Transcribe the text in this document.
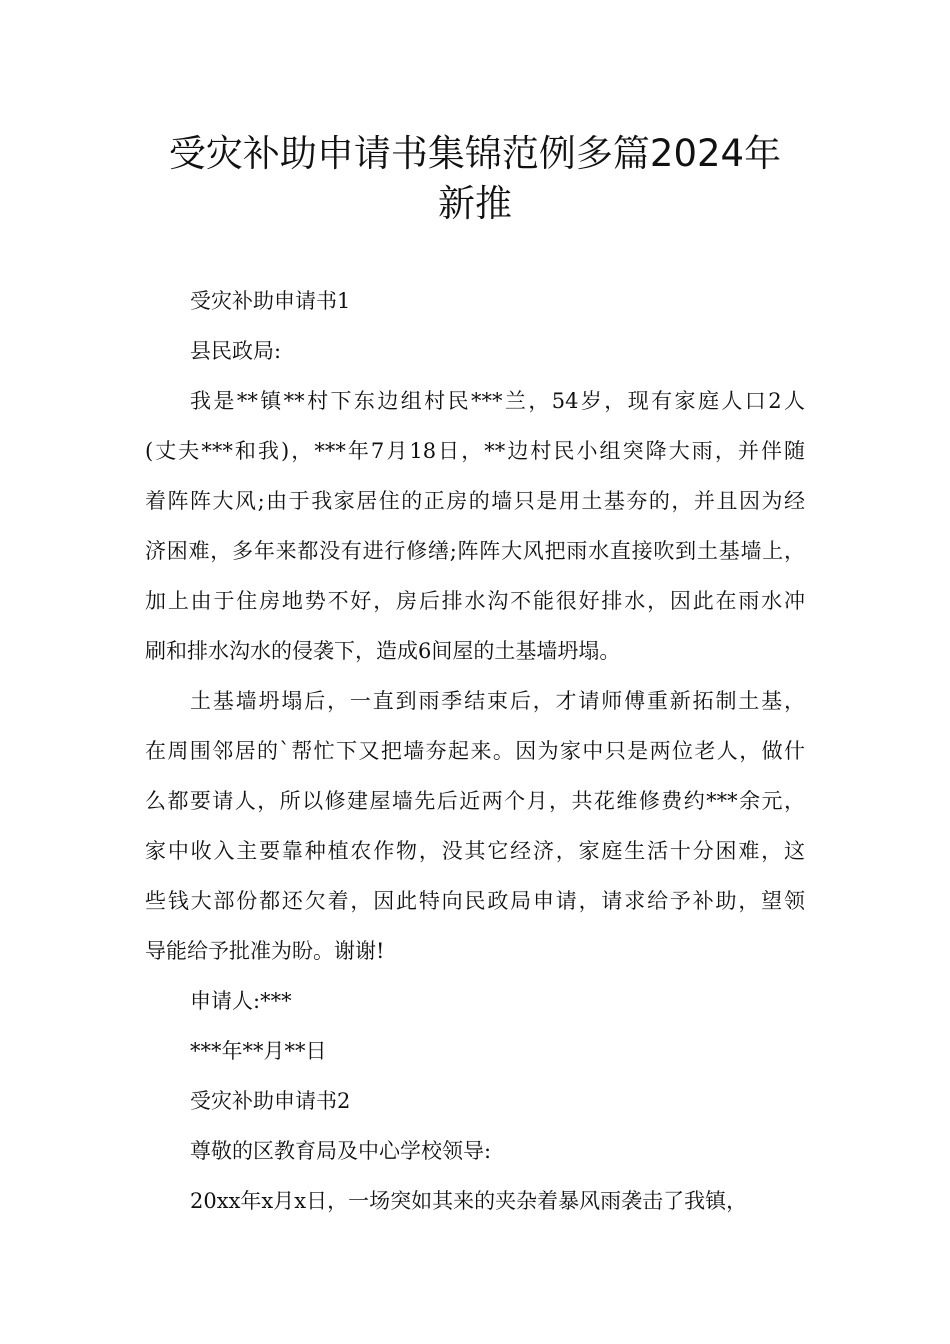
受灾补助申请书集锦范例多篇2024年
新推
受灾补助申请书1
县民政局:
我是**镇**村下东边组村民***兰，54岁，现有家庭人口2人
(丈夫***和我)，***年7月18日，**边村民小组突降大雨，并伴随
着阵阵大风;由于我家居住的正房的墙只是用土基夯的，并且因为经
济困难，多年来都没有进行修缮;阵阵大风把雨水直接吹到土基墙上，
加上由于住房地势不好，房后排水沟不能很好排水，因此在雨水冲
刷和排水沟水的侵袭下，造成6间屋的土基墙坍塌。
土基墙坍塌后，一直到雨季结束后，才请师傅重新拓制土基，
在周围邻居的`帮忙下又把墙夯起来。因为家中只是两位老人，做什
么都要请人，所以修建屋墙先后近两个月，共花维修费约***余元，
家中收入主要靠种植农作物，没其它经济，家庭生活十分困难，这
些钱大部份都还欠着，因此特向民政局申请，请求给予补助，望领
导能给予批准为盼。谢谢!
申请人:***
***年**月**日
受灾补助申请书2
尊敬的区教育局及中心学校领导:
20xx年x月x日，一场突如其来的夹杂着暴风雨袭击了我镇，
